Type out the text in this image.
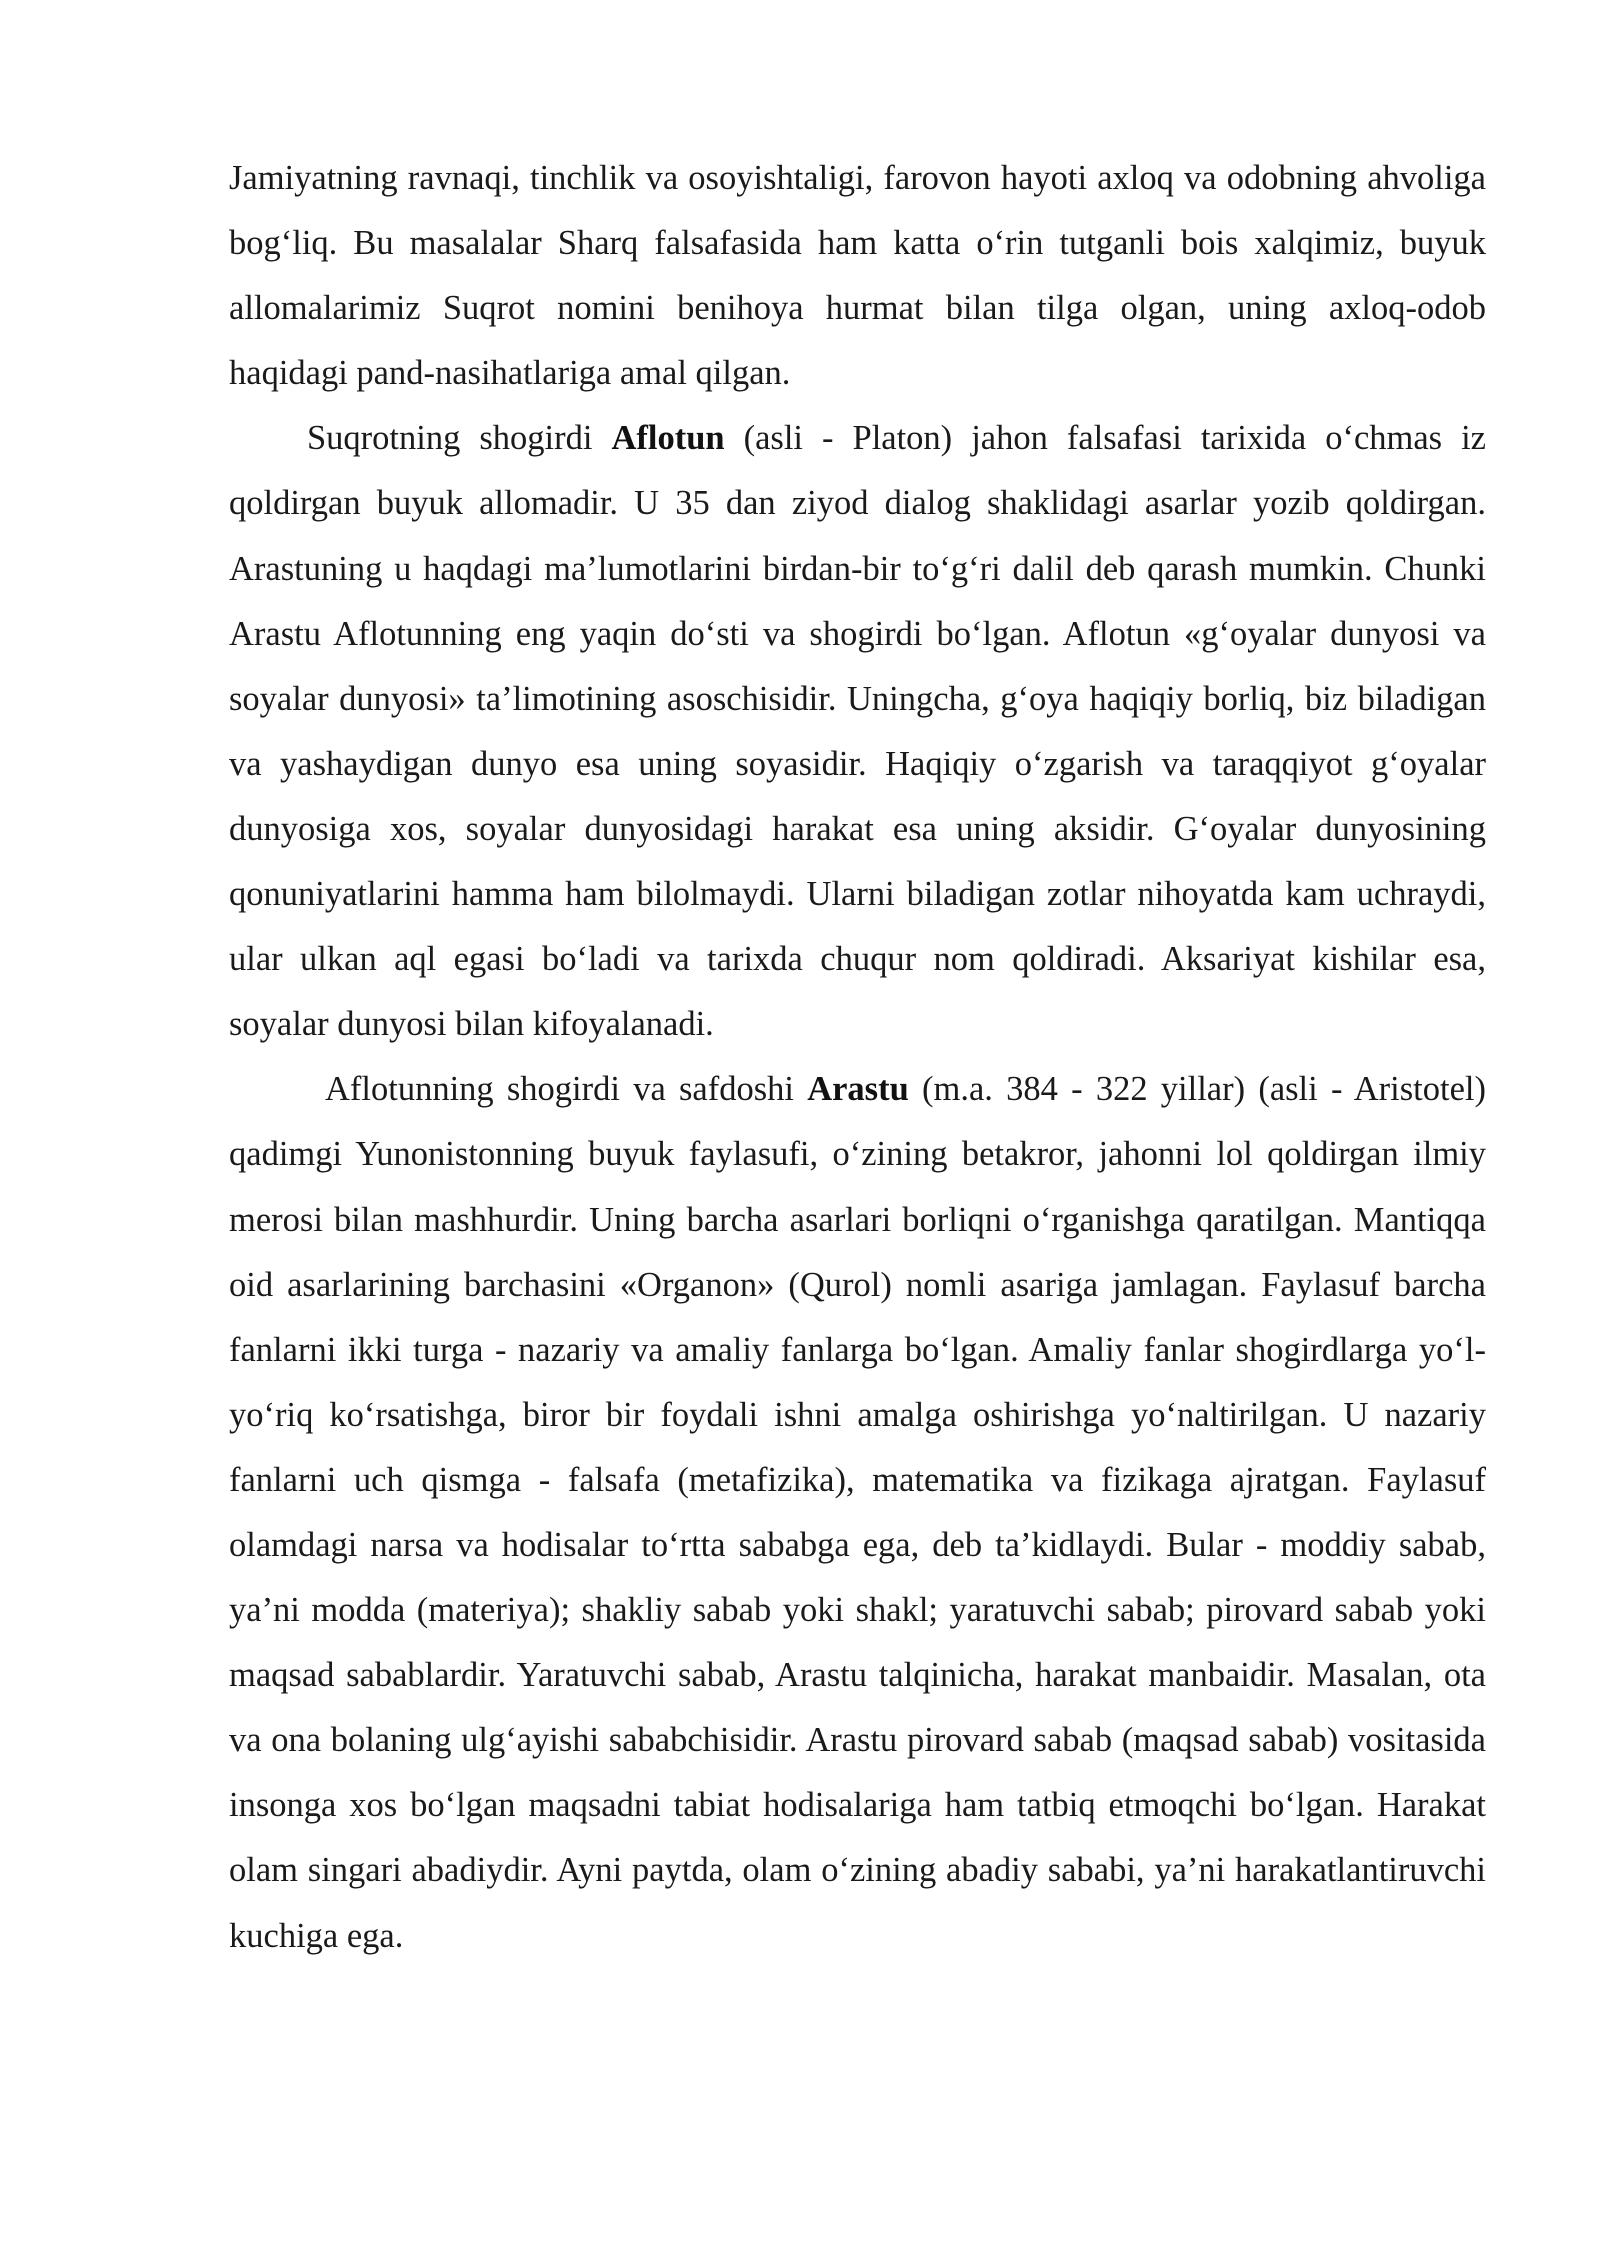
Jamiyatning ravnaqi, tinchlik va osoyishtaligi, farovon hayoti axloq va odobning ahvoliga bog‘liq. Bu masalalar Sharq falsafasida ham katta o‘rin tutganli bois xalqimiz, buyuk allomalarimiz Suqrot nomini benihoya hurmat bilan tilga olgan, uning axloq-odob haqidagi pand-nasihatlariga amal qilgan.

Suqrotning shogirdi Aflotun (asli - Platon) jahon falsafasi tarixida o‘chmas iz qoldirgan buyuk allomadir. U 35 dan ziyod dialog shaklidagi asarlar yozib qoldirgan. Arastuning u haqdagi ma’lumotlarini birdan-bir to‘g‘ri dalil deb qarash mumkin. Chunki Arastu Aflotunning eng yaqin do‘sti va shogirdi bo‘lgan. Aflotun «g‘oyalar dunyosi va soyalar dunyosi» ta’limotining asoschisidir. Uningcha, g‘oya haqiqiy borliq, biz biladigan va yashaydigan dunyo esa uning soyasidir. Haqiqiy o‘zgarish va taraqqiyot g‘oyalar dunyosiga xos, soyalar dunyosidagi harakat esa uning aksidir. G‘oyalar dunyosining qonuniyatlarini hamma ham bilolmaydi. Ularni biladigan zotlar nihoyatda kam uchraydi, ular ulkan aql egasi bo‘ladi va tarixda chuqur nom qoldiradi. Aksariyat kishilar esa, soyalar dunyosi bilan kifoyalanadi.

Aflotunning shogirdi va safdoshi Arastu (m.a. 384 - 322 yillar) (asli - Aristotel) qadimgi Yunonistonning buyuk faylasufi, o‘zining betakror, jahonni lol qoldirgan ilmiy merosi bilan mashhurdir. Uning barcha asarlari borliqni o‘rganishga qaratilgan. Mantiqqa oid asarlarining barchasini «Organon» (Qurol) nomli asariga jamlagan. Faylasuf barcha fanlarni ikki turga - nazariy va amaliy fanlarga bo‘lgan. Amaliy fanlar shogirdlarga yo‘l-yo‘riq ko‘rsatishga, biror bir foydali ishni amalga oshirishga yo‘naltirilgan. U nazariy fanlarni uch qismga - falsafa (metafizika), matematika va fizikaga ajratgan. Faylasuf olamdagi narsa va hodisalar to‘rtta sababga ega, deb ta’kidlaydi. Bular - moddiy sabab, ya’ni modda (materiya); shakliy sabab yoki shakl; yaratuvchi sabab; pirovard sabab yoki maqsad sabablardir. Yaratuvchi sabab, Arastu talqinicha, harakat manbaidir. Masalan, ota va ona bolaning ulg‘ayishi sababchisidir. Arastu pirovard sabab (maqsad sabab) vositasida insonga xos bo‘lgan maqsadni tabiat hodisalariga ham tatbiq etmoqchi bo‘lgan. Harakat olam singari abadiydir. Ayni paytda, olam o‘zining abadiy sababi, ya’ni harakatlantiruvchi kuchiga ega.
